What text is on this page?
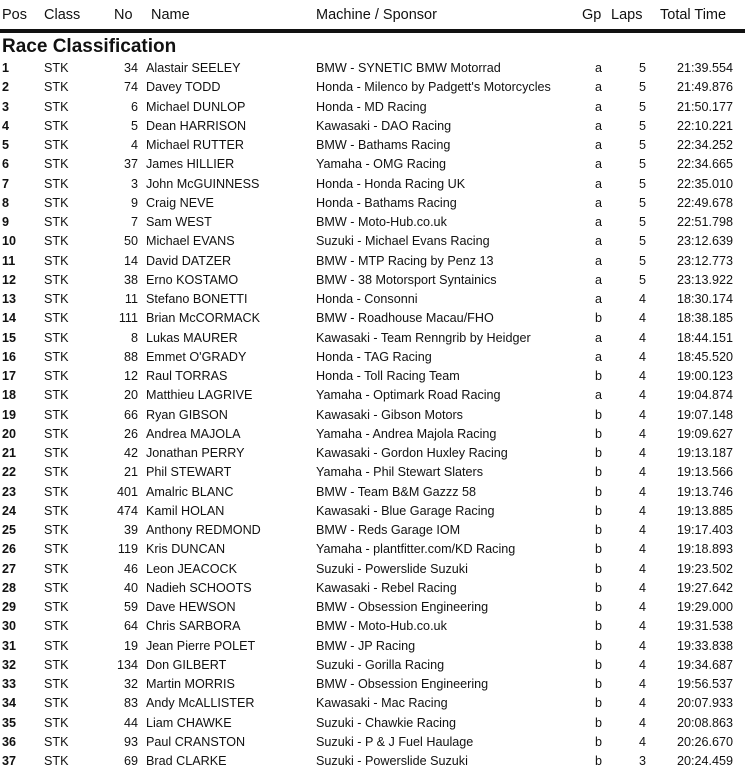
Pos Class No Name	Machine / Sponsor	Gp Laps Total Time
Race Classification
1	STK	34 Alastair SEELEY	BMW - SYNETIC BMW Motorrad	a	5 21:39.554
2	STK	74 Davey TODD	Honda - Milenco by Padgett's Motorcycles	a	5 21:49.876
3	STK	6 Michael DUNLOP	Honda - MD Racing	a	5 21:50.177
4	STK	5 Dean HARRISON	Kawasaki - DAO Racing	a	5 22:10.221
5	STK	4 Michael RUTTER	BMW - Bathams Racing	a	5 22:34.252
6	STK	37 James HILLIER	Yamaha - OMG Racing	a	5 22:34.665
7	STK	3 John McGUINNESS	Honda - Honda Racing UK	a	5 22:35.010
8	STK	9 Craig NEVE	Honda - Bathams Racing	a	5 22:49.678
9	STK	7 Sam WEST	BMW - Moto-Hub.co.uk	a	5 22:51.798
10 STK	50 Michael EVANS	Suzuki - Michael Evans Racing	a	5 23:12.639
11 STK	14 David DATZER	BMW - MTP Racing by Penz 13	a	5 23:12.773
12 STK	38 Erno KOSTAMO	BMW - 38 Motorsport Syntainics	a	5 23:13.922
13 STK	11 Stefano BONETTI	Honda - Consonni	a	4 18:30.174
14 STK	111 Brian McCORMACK	BMW - Roadhouse Macau/FHO	b	4 18:38.185
15 STK	8 Lukas MAURER	Kawasaki - Team Renngrib by Heidger	a	4 18:44.151
16 STK	88 Emmet O'GRADY	Honda - TAG Racing	a	4 18:45.520
17 STK	12 Raul TORRAS	Honda - Toll Racing Team	b	4 19:00.123
18 STK	20 Matthieu LAGRIVE	Yamaha - Optimark Road Racing	a	4 19:04.874
19 STK	66 Ryan GIBSON	Kawasaki - Gibson Motors	b	4 19:07.148
20 STK	26 Andrea MAJOLA	Yamaha - Andrea Majola Racing	b	4 19:09.627
21 STK	42 Jonathan PERRY	Kawasaki - Gordon Huxley Racing	b	4 19:13.187
22 STK	21 Phil STEWART	Yamaha - Phil Stewart Slaters	b	4 19:13.566
23 STK	401 Amalric BLANC	BMW - Team B&M Gazzz 58	b	4 19:13.746
24 STK	474 Kamil HOLAN	Kawasaki - Blue Garage Racing	b	4 19:13.885
25 STK	39 Anthony REDMOND	BMW - Reds Garage IOM	b	4 19:17.403
26 STK	119 Kris DUNCAN	Yamaha - plantfitter.com/KD Racing	b	4 19:18.893
27 STK	46 Leon JEACOCK	Suzuki - Powerslide Suzuki	b	4 19:23.502
28 STK	40 Nadieh SCHOOTS	Kawasaki - Rebel Racing	b	4 19:27.642
29 STK	59 Dave HEWSON	BMW - Obsession Engineering	b	4 19:29.000
30 STK	64 Chris SARBORA	BMW - Moto-Hub.co.uk	b	4 19:31.538
31 STK	19 Jean Pierre POLET	BMW - JP Racing	b	4 19:33.838
32 STK	134 Don GILBERT	Suzuki - Gorilla Racing	b	4 19:34.687
33 STK	32 Martin MORRIS	BMW - Obsession Engineering	b	4 19:56.537
34 STK	83 Andy McALLISTER	Kawasaki - Mac Racing	b	4 20:07.933
35 STK	44 Liam CHAWKE	Suzuki - Chawkie Racing	b	4 20:08.863
36 STK	93 Paul CRANSTON	Suzuki - P & J Fuel Haulage	b	4 20:26.670
37 STK	69 Brad CLARKE	Suzuki - Powerslide Suzuki	b	3 20:24.459
